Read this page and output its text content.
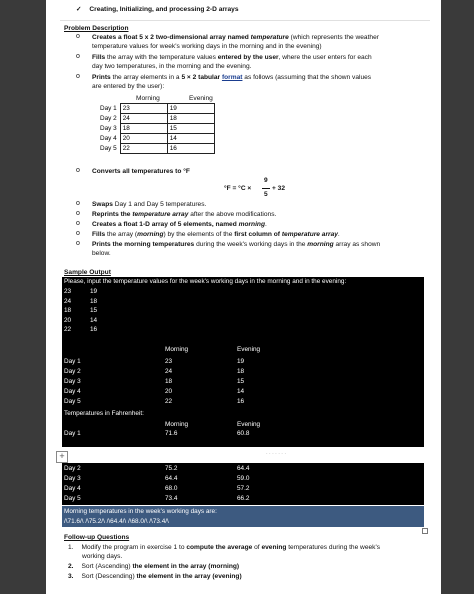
✓ Creating, Initializing, and processing 2-D arrays
Problem Description
o Creates a float 5 x 2 two-dimensional array named temperature (which represents the weather
temperature values for week's working days in the morning and in the evening)
o Fills the array with the temperature values entered by the user, where the user enters for each
day two temperatures, in the morning and the evening.
o Prints the array elements in a 5 × 2 tabular format as follows (assuming that the shown values
are entered by the user):
Morning	Evening
Day 1	23	19
Day 2	24	18
Day 3	18	15
Day 4	20	14
Day 5	22	16
o Converts all temperatures to °F
°F = °C ×
9
5
+ 32
o Swaps Day 1 and Day 5 temperatures.
o Reprints the temperature array after the above modifications.
o Creates a float 1-D array of 5 elements, named morning.
o Fills the array (morning) by the elements of the first column of temperature array.
o Prints the morning temperatures during the week's working days in the morning array as shown
below.
Sample Output
Please, input the temperature values for the week's working days in the morning and in the evening:
23	19
24	18
18	15
20	14
22	16
Morning	Evening
Day 1	23	19
Day 2	24	18
Day 3	18	15
Day 4	20	14
Day 5	22	16
Temperatures in Fahrenheit:
Morning	Evening
Day 1	71.6	60.8
+	· · · · · · ·
Day 2	75.2	64.4
Day 3	64.4	59.0
Day 4	68.0	57.2
Day 5	73.4	66.2
Morning temperatures in the week's working days are:
/\71.6/\ /\75.2/\ /\64.4/\ /\68.0/\ /\73.4/\
Follow-up Questions
1. Modify the program in exercise 1 to compute the average of evening temperatures during the week's
working days.
2. Sort (Ascending) the element in the array (morning)
3. Sort (Descending) the element in the array (evening)
